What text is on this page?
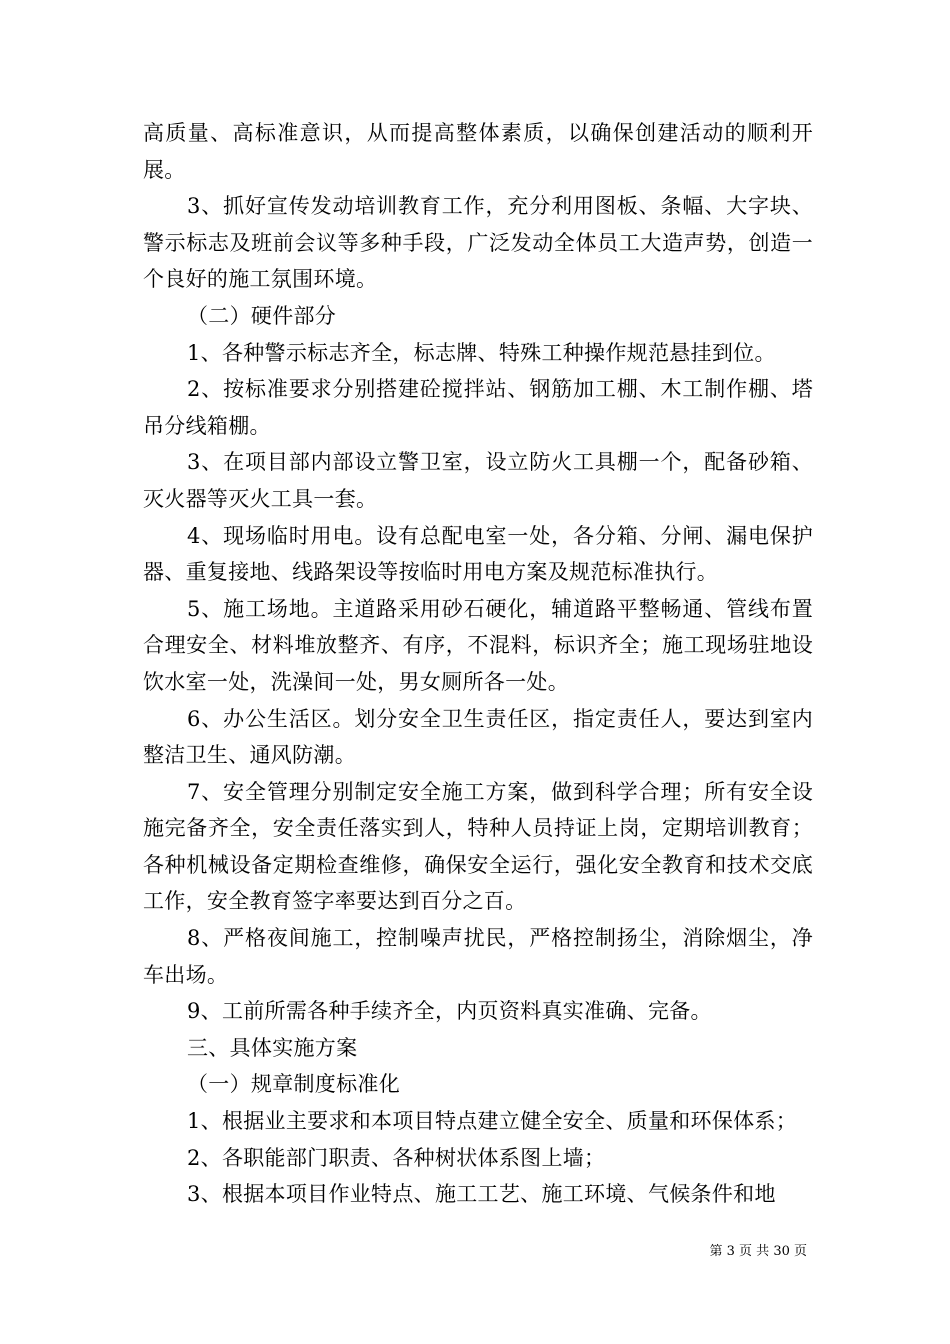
高质量、高标准意识，从而提高整体素质，以确保创建活动的顺利开展。

3、抓好宣传发动培训教育工作，充分利用图板、条幅、大字块、警示标志及班前会议等多种手段，广泛发动全体员工大造声势，创造一个良好的施工氛围环境。

（二）硬件部分

1、各种警示标志齐全，标志牌、特殊工种操作规范悬挂到位。

2、按标准要求分别搭建砼搅拌站、钢筋加工棚、木工制作棚、塔吊分线箱棚。

3、在项目部内部设立警卫室，设立防火工具棚一个，配备砂箱、灭火器等灭火工具一套。

4、现场临时用电。设有总配电室一处，各分箱、分闸、漏电保护器、重复接地、线路架设等按临时用电方案及规范标准执行。

5、施工场地。主道路采用砂石硬化，辅道路平整畅通、管线布置合理安全、材料堆放整齐、有序，不混料，标识齐全；施工现场驻地设饮水室一处，洗澡间一处，男女厕所各一处。

6、办公生活区。划分安全卫生责任区，指定责任人，要达到室内整洁卫生、通风防潮。

7、安全管理分别制定安全施工方案，做到科学合理；所有安全设施完备齐全，安全责任落实到人，特种人员持证上岗，定期培训教育；各种机械设备定期检查维修，确保安全运行，强化安全教育和技术交底工作，安全教育签字率要达到百分之百。

8、严格夜间施工，控制噪声扰民，严格控制扬尘，消除烟尘，净车出场。

9、工前所需各种手续齐全，内页资料真实准确、完备。

三、具体实施方案

（一）规章制度标准化

1、根据业主要求和本项目特点建立健全安全、质量和环保体系；

2、各职能部门职责、各种树状体系图上墙；

3、根据本项目作业特点、施工工艺、施工环境、气候条件和地

第 3 页 共 30 页
